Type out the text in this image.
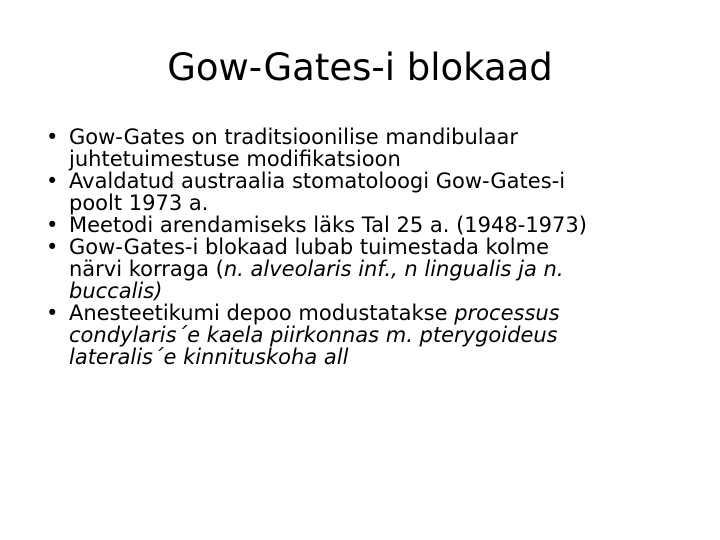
Gow-Gates-i blokaad
• Gow-Gates on traditsioonilise mandibulaar
juhtetuimestuse modifikatsioon
• Avaldatud austraalia stomatoloogi Gow-Gates-i
poolt 1973 a.
• Meetodi arendamiseks läks Tal 25 a. (1948-1973)
• Gow-Gates-i blokaad lubab tuimestada kolme
närvi korraga (n. alveolaris inf., n lingualis ja n.
buccalis)
• Anesteetikumi depoo modustatakse processus
condylaris´e kaela piirkonnas m. pterygoideus
lateralis´e kinnituskoha all
